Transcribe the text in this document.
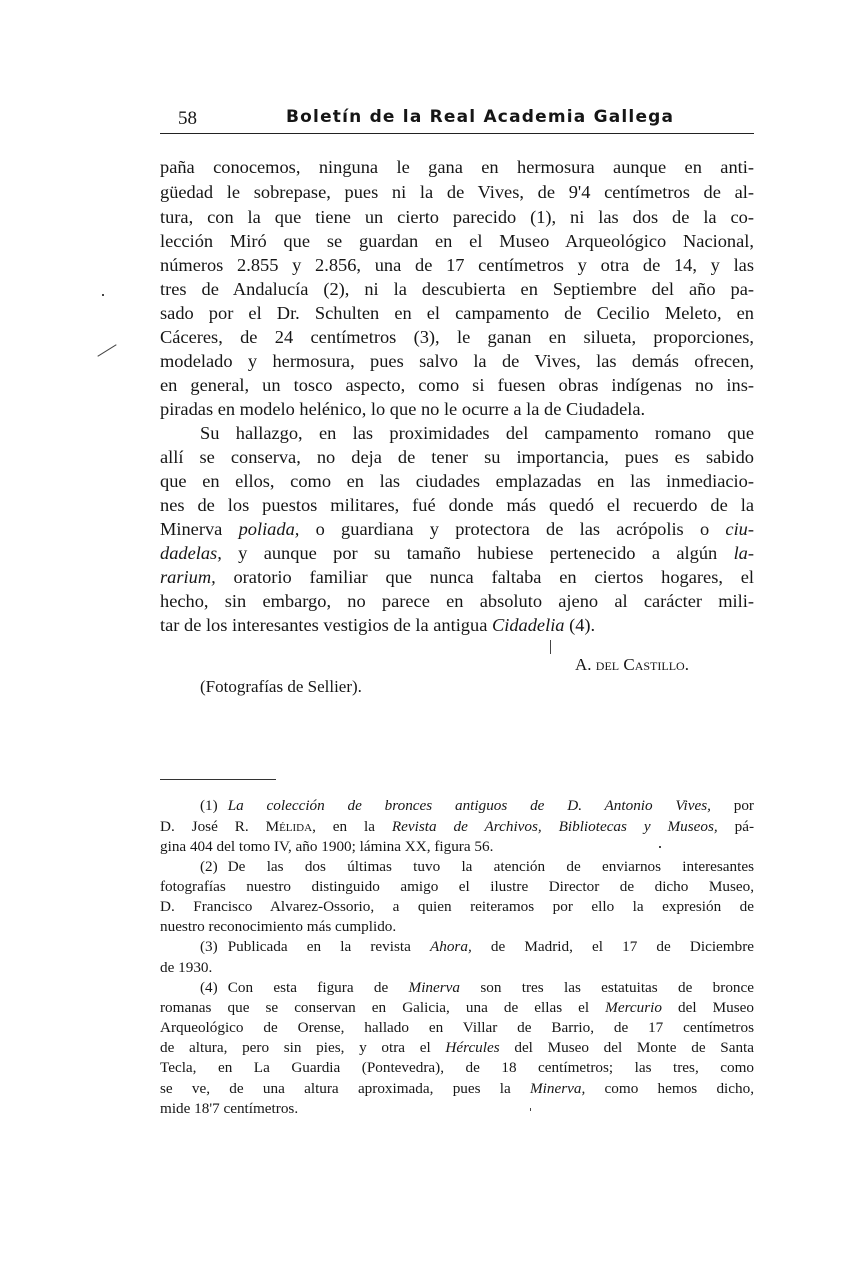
58	Boletín de la Real Academia Gallega
paña conocemos, ninguna le gana en hermosura aunque en anti-
güedad le sobrepase, pues ni la de Vives, de 9'4 centímetros de al-
tura, con la que tiene un cierto parecido (1), ni las dos de la co-
lección Miró que se guardan en el Museo Arqueológico Nacional,
números 2.855 y 2.856, una de 17 centímetros y otra de 14, y las
tres de Andalucía (2), ni la descubierta en Septiembre del año pa-
sado por el Dr. Schulten en el campamento de Cecilio Meleto, en
Cáceres, de 24 centímetros (3), le ganan en silueta, proporciones,
modelado y hermosura, pues salvo la de Vives, las demás ofrecen,
en general, un tosco aspecto, como si fuesen obras indígenas no ins-
piradas en modelo helénico, lo que no le ocurre a la de Ciudadela.
Su hallazgo, en las proximidades del campamento romano que
allí se conserva, no deja de tener su importancia, pues es sabido
que en ellos, como en las ciudades emplazadas en las inmediacio-
nes de los puestos militares, fué donde más quedó el recuerdo de la
Minerva poliada, o guardiana y protectora de las acrópolis o ciu-
dadelas, y aunque por su tamaño hubiese pertenecido a algún la-
rarium, oratorio familiar que nunca faltaba en ciertos hogares, el
hecho, sin embargo, no parece en absoluto ajeno al carácter mili-
tar de los interesantes vestigios de la antigua Cidadelia (4).
A. del Castillo.
(Fotografías de Sellier).
(1) La colección de bronces antiguos de D. Antonio Vives, por
D. José R. Mélida, en la Revista de Archivos, Bibliotecas y Museos, pá-
gina 404 del tomo IV, año 1900; lámina XX, figura 56.
(2) De las dos últimas tuvo la atención de enviarnos interesantes
fotografías nuestro distinguido amigo el ilustre Director de dicho Museo,
D. Francisco Alvarez-Ossorio, a quien reiteramos por ello la expresión de
nuestro reconocimiento más cumplido.
(3) Publicada en la revista Ahora, de Madrid, el 17 de Diciembre
de 1930.
(4) Con esta figura de Minerva son tres las estatuitas de bronce
romanas que se conservan en Galicia, una de ellas el Mercurio del Museo
Arqueológico de Orense, hallado en Villar de Barrio, de 17 centímetros
de altura, pero sin pies, y otra el Hércules del Museo del Monte de Santa
Tecla, en La Guardia (Pontevedra), de 18 centímetros; las tres, como
se ve, de una altura aproximada, pues la Minerva, como hemos dicho,
mide 18'7 centímetros.
